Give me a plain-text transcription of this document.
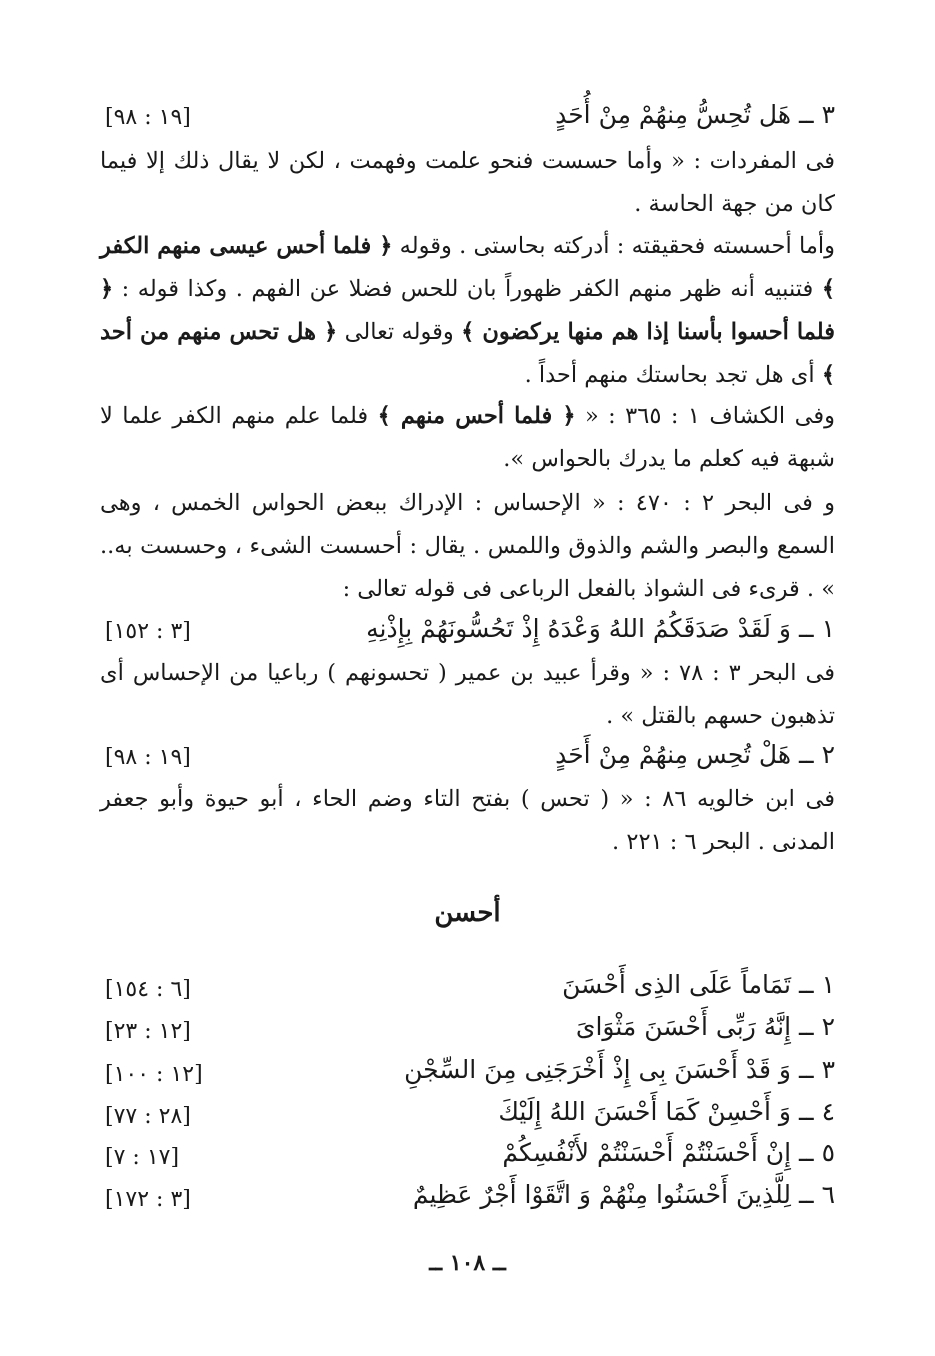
٣ ــ هَل تُحِسُّ مِنهُمْ مِنْ أُحَدٍ
[١٩ : ٩٨]

فى المفردات : « وأما حسست فنحو علمت وفهمت ، لكن لا يقال ذلك إلا فيما كان من جهة الحاسة .

وأما أحسسته فحقيقته : أدركته بحاستى . وقوله ﴿ فلما أحس عيسى منهم الكفر ﴾ فتنبيه أنه ظهر منهم الكفر ظهوراً بان للحس فضلا عن الفهم . وكذا قوله : ﴿ فلما أحسوا بأسنا إذا هم منها يركضون ﴾ وقوله تعالى ﴿ هل تحس منهم من أحد ﴾ أى هل تجد بحاستك منهم أحداً .

وفى الكشاف ١ : ٣٦٥ : « ﴿ فلما أحس منهم ﴾ فلما علم منهم الكفر علما لا شبهة فيه كعلم ما يدرك بالحواس ».

و فى البحر ٢ : ٤٧٠ : « الإحساس : الإدراك ببعض الحواس الخمس ، وهى السمع والبصر والشم والذوق واللمس . يقال : أحسست الشىء ، وحسست به.. » . قرىء فى الشواذ بالفعل الرباعى فى قوله تعالى :

١ ــ وَ لَقَدْ صَدَقَكُمُ اللهُ وَعْدَهُ إِذْ تَحُسُّونَهُمْ بِإِذْنِهِ
[٣ : ١٥٢]

فى البحر ٣ : ٧٨ : « وقرأ عبيد بن عمير ( تحسونهم ) رباعيا من الإحساس أى تذهبون حسهم بالقتل » .

٢ ــ هَلْ تُحِس مِنهُمْ مِنْ أَحَدٍ
[١٩ : ٩٨]

فى ابن خالويه ٨٦ : « ( تحس ) بفتح التاء وضم الحاء ، أبو حيوة وأبو جعفر المدنى . البحر ٦ : ٢٢١ .

أحسن
١ ــ تَمَاماً عَلَى الذِى أَحْسَنَ
[٦ : ١٥٤]
٢ ــ إِنَّهُ رَبِّى أَحْسَنَ مَثْوَاىَ
[١٢ : ٢٣]
٣ ــ وَ قَدْ أَحْسَنَ بِى إِذْ أَخْرَجَنِى مِنَ السِّجْنِ
[١٢ : ١٠٠]
٤ ــ وَ أَحْسِنْ كَمَا أَحْسَنَ اللهُ إِلَيْكَ
[٢٨ : ٧٧]
٥ ــ إِنْ أَحْسَنْتُمْ أَحْسَنْتُمْ لأَنْفُسِكُمْ
[١٧ : ٧]
٦ ــ لِلَّذِينَ أَحْسَنُوا مِنْهُمْ وَ اتَّقَوْا أَجْرٌ عَظِيمٌ
[٣ : ١٧٢]
ــ ١٠٨ ــ
